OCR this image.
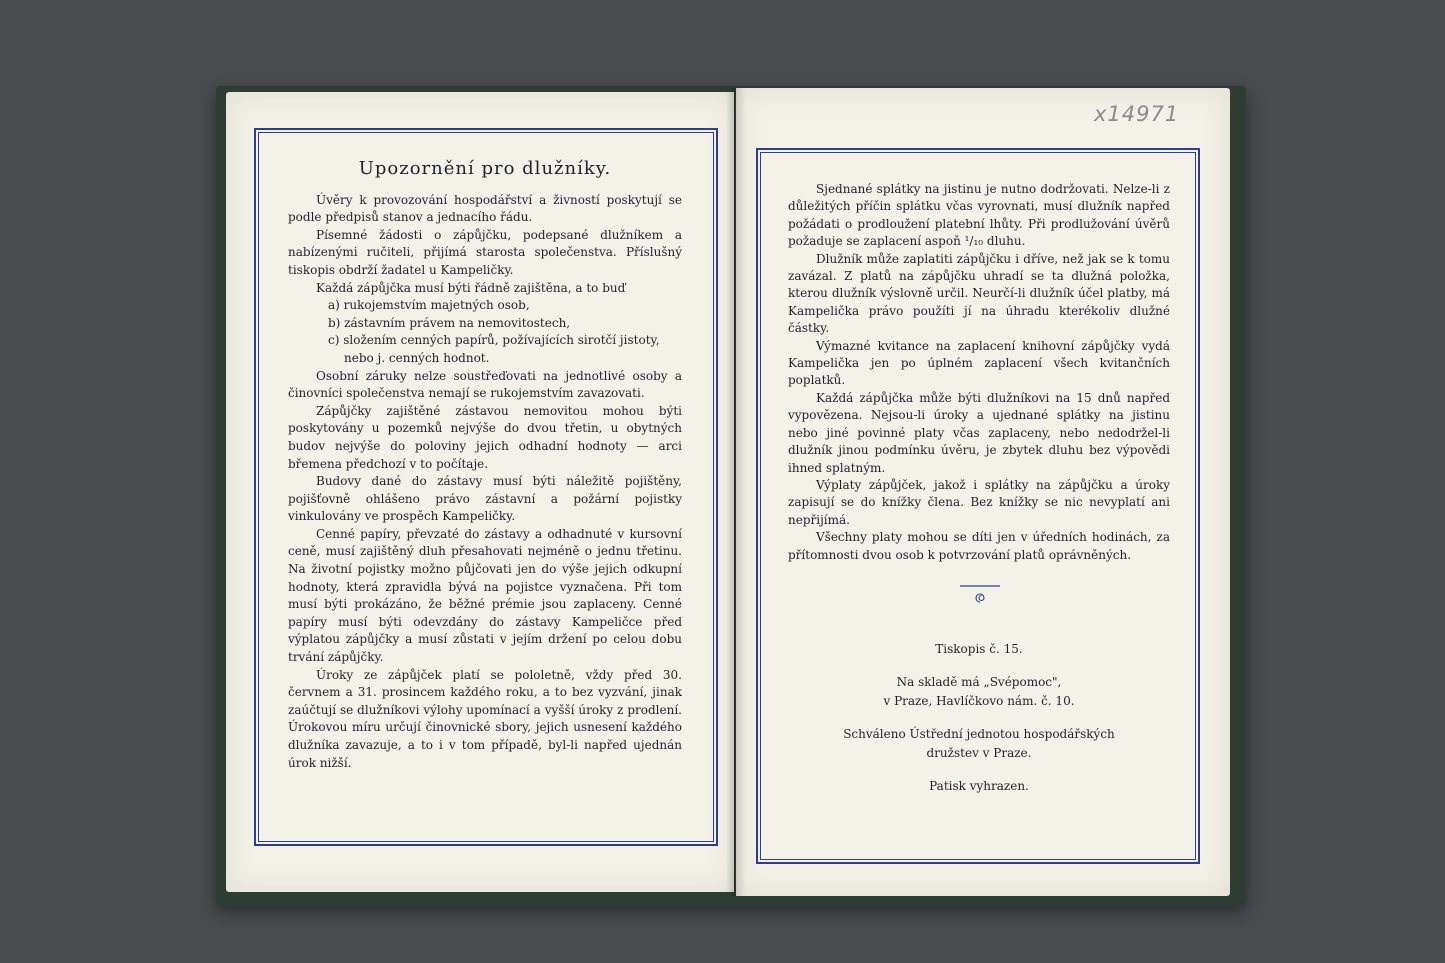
x14971
Upozornění pro dlužníky.

Úvěry k provozování hospodářství a živností poskytují se podle předpisů stanov a jednacího řádu.

Písemné žádosti o zápůjčku, podepsané dlužníkem a nabízenými ručiteli, přijímá starosta společenstva. Příslušný tiskopis obdrží žadatel u Kampeličky.

Každá zápůjčka musí býti řádně zajištěna, a to buď

a) rukojemstvím majetných osob,

b) zástavním právem na nemovitostech,

c) složením cenných papírů, požívajících sirotčí jistoty,

nebo j. cenných hodnot.

Osobní záruky nelze soustřeďovati na jednotlivé osoby a činovníci společenstva nemají se rukojemstvím zavazovati.

Zápůjčky zajištěné zástavou nemovitou mohou býti poskytovány u pozemků nejvýše do dvou třetin, u obytných budov nejvýše do poloviny jejich odhadní hodnoty — arci břemena předchozí v to počítaje.

Budovy dané do zástavy musí býti náležitě pojištěny, pojišťovně ohlášeno právo zástavní a požární pojistky vinkulovány ve prospěch Kampeličky.

Cenné papíry, převzaté do zástavy a odhadnuté v kursovní ceně, musí zajištěný dluh přesahovati nejméně o jednu třetinu. Na životní pojistky možno půjčovati jen do výše jejich odkupní hodnoty, která zpravidla bývá na pojistce vyznačena. Při tom musí býti prokázáno, že běžné prémie jsou zaplaceny. Cenné papíry musí býti odevzdány do zástavy Kampeličce před výplatou zápůjčky a musí zůstati v jejím držení po celou dobu trvání zápůjčky.

Úroky ze zápůjček platí se pololetně, vždy před 30. červnem a 31. prosincem každého roku, a to bez vyzvání, jinak zaúčtují se dlužníkovi výlohy upomínací a vyšší úroky z prodlení. Úrokovou míru určují činovnické sbory, jejich usnesení každého dlužníka zavazuje, a to i v tom případě, byl-li napřed ujednán úrok nižší.

Sjednané splátky na jistinu je nutno dodržovati. Nelze-li z důležitých příčin splátku včas vyrovnati, musí dlužník napřed požádati o prodloužení platební lhůty. Při prodlužování úvěrů požaduje se zaplacení aspoň ¹/₁₀ dluhu.

Dlužník může zaplatiti zápůjčku i dříve, než jak se k tomu zavázal. Z platů na zápůjčku uhradí se ta dlužná položka, kterou dlužník výslovně určil. Neurčí-li dlužník účel platby, má Kampelička právo použíti jí na úhradu kterékoliv dlužné částky.

Výmazné kvitance na zaplacení knihovní zápůjčky vydá Kampelička jen po úplném zaplacení všech kvitančních poplatků.

Každá zápůjčka může býti dlužníkovi na 15 dnů napřed vypovězena. Nejsou-li úroky a ujednané splátky na jistinu nebo jiné povinné platy včas zaplaceny, nebo nedodržel-li dlužník jinou podmínku úvěru, je zbytek dluhu bez výpovědi ihned splatným.

Výplaty zápůjček, jakož i splátky na zápůjčku a úroky zapisují se do knížky člena. Bez knížky se nic nevyplatí ani nepřijímá.

Všechny platy mohou se díti jen v úředních hodinách, za přítomnosti dvou osob k potvrzování platů oprávněných.

Tiskopis č. 15.
Na skladě má „Svépomoc",
v Praze, Havlíčkovo nám. č. 10.
Schváleno Ústřední jednotou hospodářských
družstev v Praze.
Patisk vyhrazen.
